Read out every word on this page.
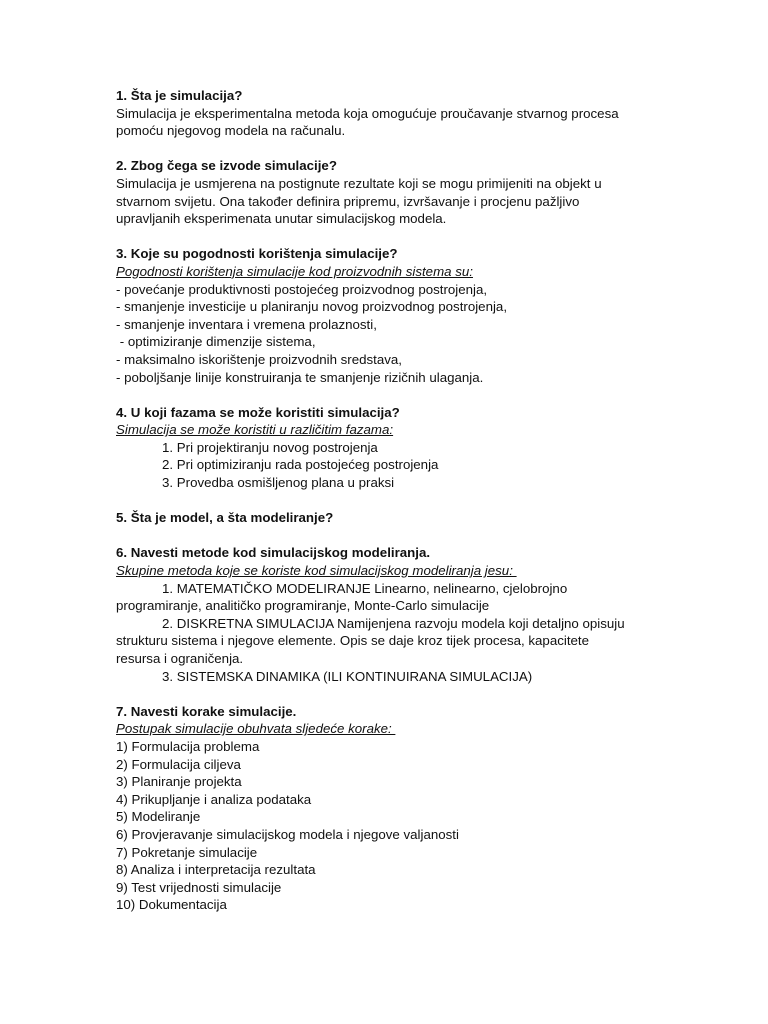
1. Šta je simulacija?
Simulacija je eksperimentalna metoda koja omogućuje proučavanje stvarnog procesa
pomoću njegovog modela na računalu.
2. Zbog čega se izvode simulacije?
Simulacija je usmjerena na postignute rezultate koji se mogu primijeniti na objekt u
stvarnom svijetu. Ona također definira pripremu, izvršavanje i procjenu pažljivo
upravljanih eksperimenata unutar simulacijskog modela.
3. Koje su pogodnosti korištenja simulacije?
Pogodnosti korištenja simulacije kod proizvodnih sistema su:
- povećanje produktivnosti postojećeg proizvodnog postrojenja,
- smanjenje investicije u planiranju novog proizvodnog postrojenja,
- smanjenje inventara i vremena prolaznosti,
- optimiziranje dimenzije sistema,
- maksimalno iskorištenje proizvodnih sredstava,
- poboljšanje linije konstruiranja te smanjenje rizičnih ulaganja.
4. U koji fazama se može koristiti simulacija?
Simulacija se može koristiti u različitim fazama:
1. Pri projektiranju novog postrojenja
2. Pri optimiziranju rada postojećeg postrojenja
3. Provedba osmišljenog plana u praksi
5. Šta je model, a šta modeliranje?
6. Navesti metode kod simulacijskog modeliranja.
Skupine metoda koje se koriste kod simulacijskog modeliranja jesu:
1. MATEMATIČKO MODELIRANJE Linearno, nelinearno, cjelobrojno
programiranje, analitičko programiranje, Monte-Carlo simulacije
2. DISKRETNA SIMULACIJA Namijenjena razvoju modela koji detaljno opisuju
strukturu sistema i njegove elemente. Opis se daje kroz tijek procesa, kapacitete
resursa i ograničenja.
3. SISTEMSKA DINAMIKA (ILI KONTINUIRANA SIMULACIJA)
7. Navesti korake simulacije.
Postupak simulacije obuhvata sljedeće korake:
1) Formulacija problema
2) Formulacija ciljeva
3) Planiranje projekta
4) Prikupljanje i analiza podataka
5) Modeliranje
6) Provjeravanje simulacijskog modela i njegove valjanosti
7) Pokretanje simulacije
8) Analiza i interpretacija rezultata
9) Test vrijednosti simulacije
10) Dokumentacija
